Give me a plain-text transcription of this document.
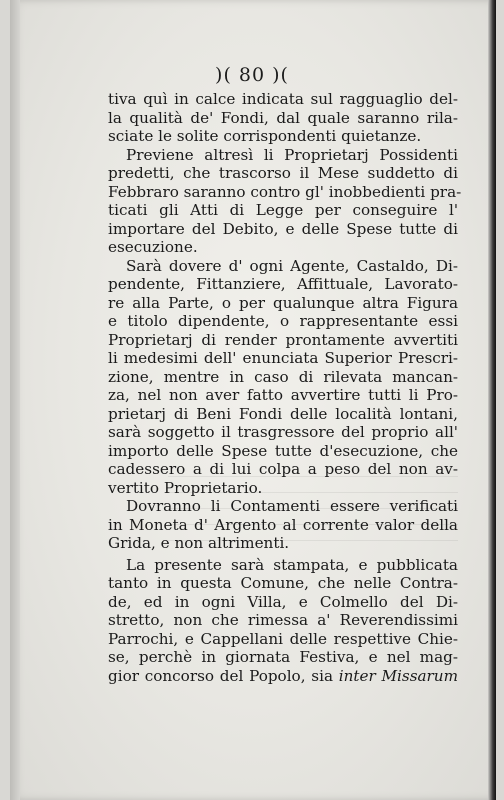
)( 80 )(
tiva quì in calce indicata sul ragguaglio del-
la qualità de' Fondi, dal quale saranno rila-
sciate le solite corrispondenti quietanze.
Previene altresì li Proprietarj Possidenti
predetti, che trascorso il Mese suddetto di
Febbraro saranno contro gl' inobbedienti pra-
ticati gli Atti di Legge per conseguire l'
importare del Debito, e delle Spese tutte di
esecuzione.
Sarà dovere d' ogni Agente, Castaldo, Di-
pendente, Fittanziere, Affittuale, Lavorato-
re alla Parte, o per qualunque altra Figura
e titolo dipendente, o rappresentante essi
Proprietarj di render prontamente avvertiti
li medesimi dell' enunciata Superior Prescri-
zione, mentre in caso di rilevata mancan-
za, nel non aver fatto avvertire tutti li Pro-
prietarj di Beni Fondi delle località lontani,
sarà soggetto il trasgressore del proprio all'
importo delle Spese tutte d'esecuzione, che
cadessero a di lui colpa a peso del non av-
vertito Proprietario.
Dovranno li Contamenti essere verificati
in Moneta d' Argento al corrente valor della
Grida, e non altrimenti.
La presente sarà stampata, e pubblicata
tanto in questa Comune, che nelle Contra-
de, ed in ogni Villa, e Colmello del Di-
stretto, non che rimessa a' Reverendissimi
Parrochi, e Cappellani delle respettive Chie-
se, perchè in giornata Festiva, e nel mag-
gior concorso del Popolo, sia inter Missarum
